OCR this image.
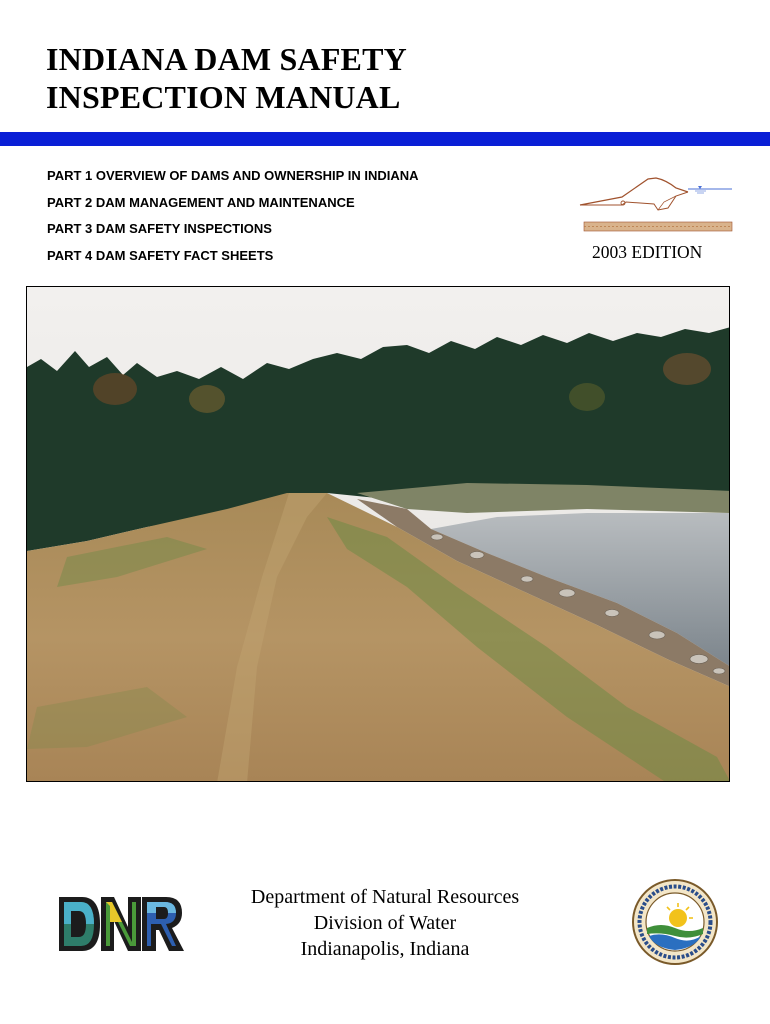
INDIANA DAM SAFETY
INSPECTION MANUAL
PART 1 OVERVIEW OF DAMS AND OWNERSHIP IN INDIANA
PART 2 DAM MANAGEMENT AND MAINTENANCE
PART 3 DAM SAFETY INSPECTIONS
PART 4 DAM SAFETY FACT SHEETS	2003 EDITION
Department of Natural Resources
Division of Water
Indianapolis, Indiana
